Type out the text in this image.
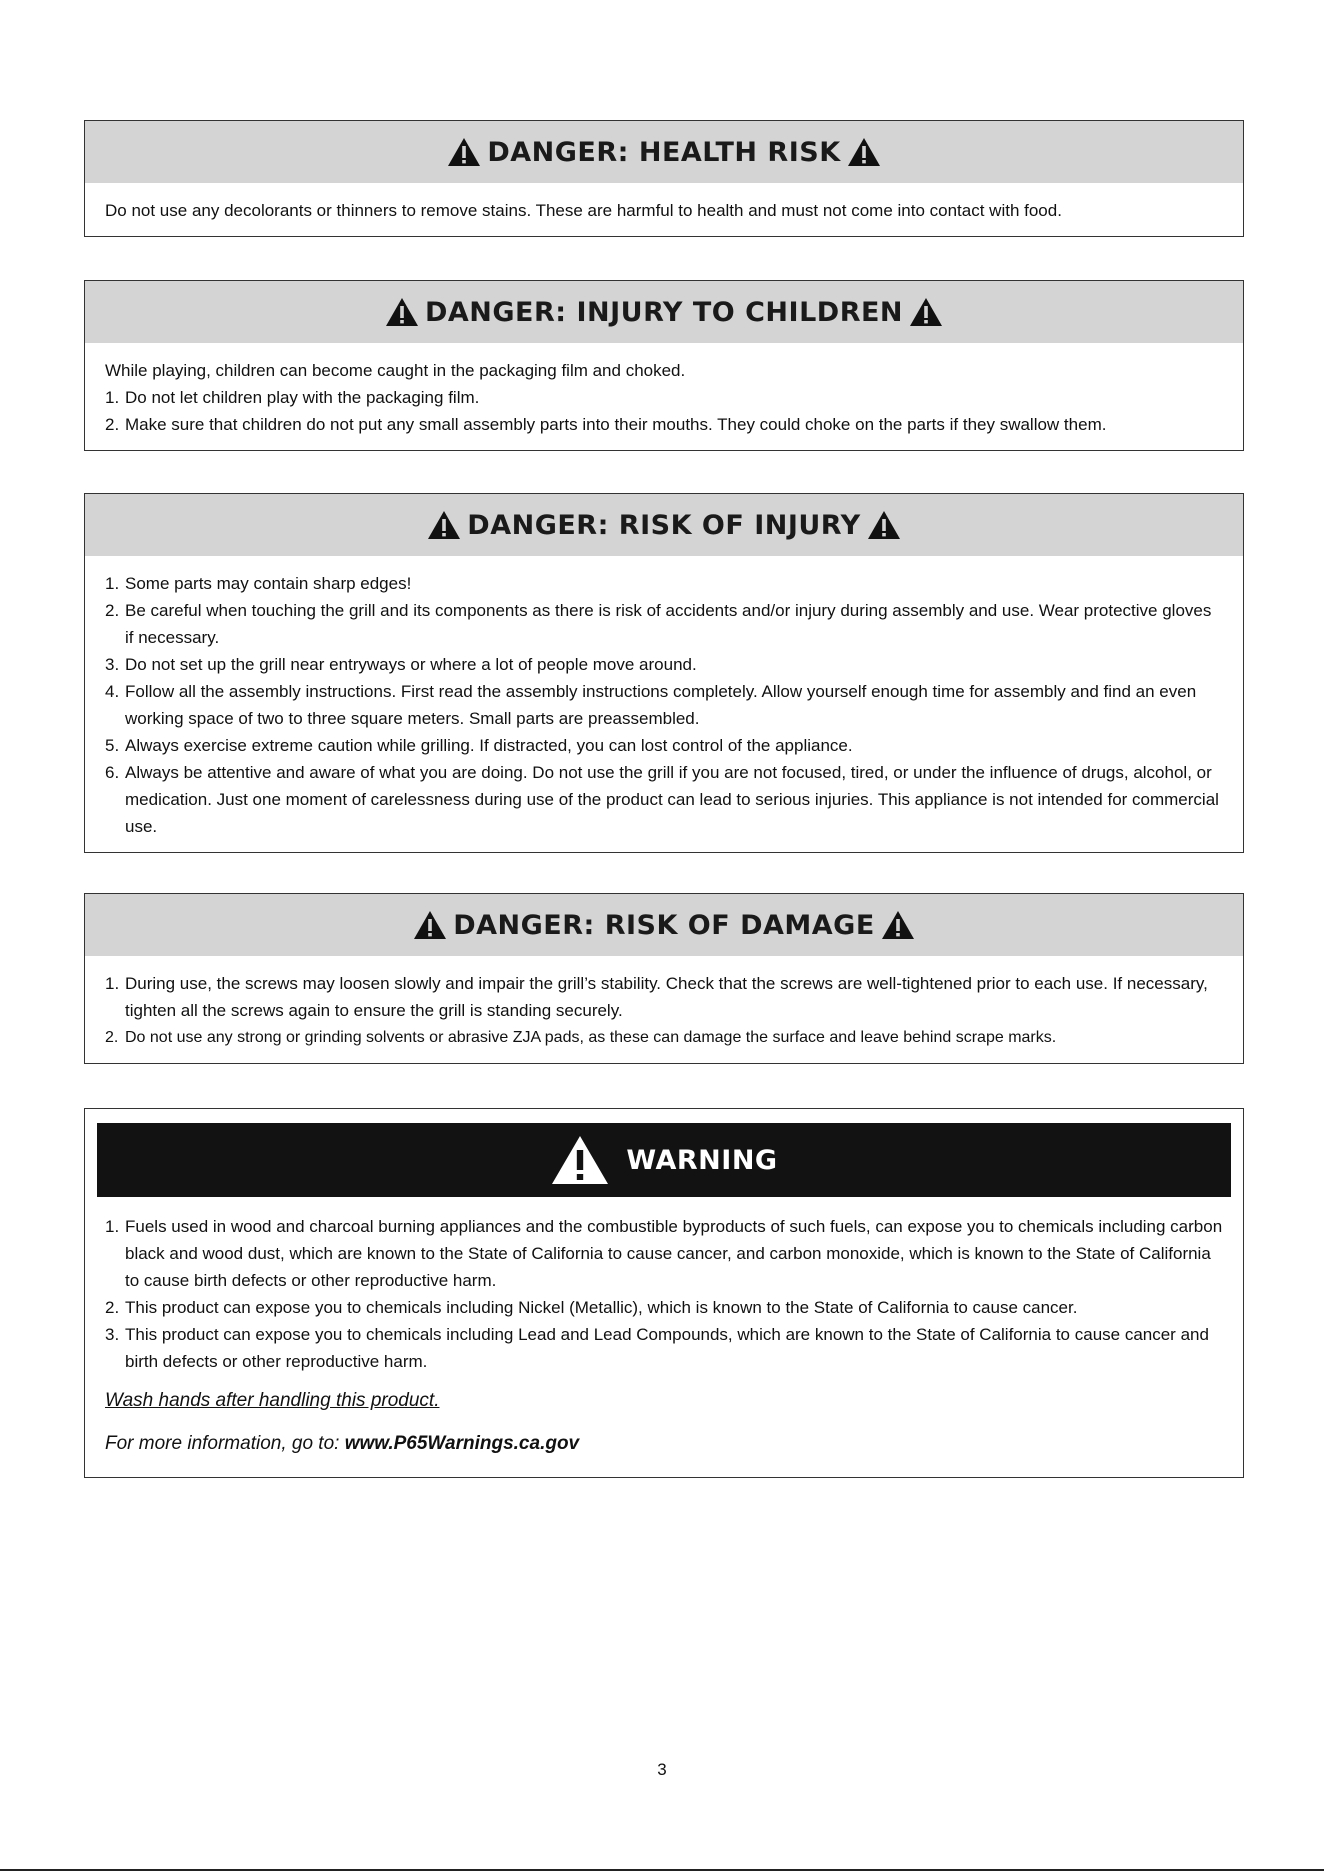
DANGER: HEALTH RISK

Do not use any decolorants or thinners to remove stains. These are harmful to health and must not come into contact with food.

DANGER: INJURY TO CHILDREN

While playing, children can become caught in the packaging film and choked.

1. Do not let children play with the packaging film.
2. Make sure that children do not put any small assembly parts into their mouths. They could choke on the parts if they swallow them.
DANGER: RISK OF INJURY
1. Some parts may contain sharp edges!
2. Be careful when touching the grill and its components as there is risk of accidents and/or injury during assembly and use. Wear protective gloves if necessary.
3. Do not set up the grill near entryways or where a lot of people move around.
4. Follow all the assembly instructions. First read the assembly instructions completely. Allow yourself enough time for assembly and find an even working space of two to three square meters. Small parts are preassembled.
5. Always exercise extreme caution while grilling. If distracted, you can lost control of the appliance.
6. Always be attentive and aware of what you are doing. Do not use the grill if you are not focused, tired, or under the influence of drugs, alcohol, or medication. Just one moment of carelessness during use of the product can lead to serious injuries. This appliance is not intended for commercial use.
DANGER: RISK OF DAMAGE
1. During use, the screws may loosen slowly and impair the grill’s stability. Check that the screws are well-tightened prior to each use. If necessary, tighten all the screws again to ensure the grill is standing securely.
2. Do not use any strong or grinding solvents or abrasive ZJA pads, as these can damage the surface and leave behind scrape marks.
WARNING
1. Fuels used in wood and charcoal burning appliances and the combustible byproducts of such fuels, can expose you to chemicals including carbon black and wood dust, which are known to the State of California to cause cancer, and carbon monoxide, which is known to the State of California to cause birth defects or other reproductive harm.
2. This product can expose you to chemicals including Nickel (Metallic), which is known to the State of California to cause cancer.
3. This product can expose you to chemicals including Lead and Lead Compounds, which are known to the State of California to cause cancer and birth defects or other reproductive harm.

Wash hands after handling this product.

For more information, go to: www.P65Warnings.ca.gov

3
